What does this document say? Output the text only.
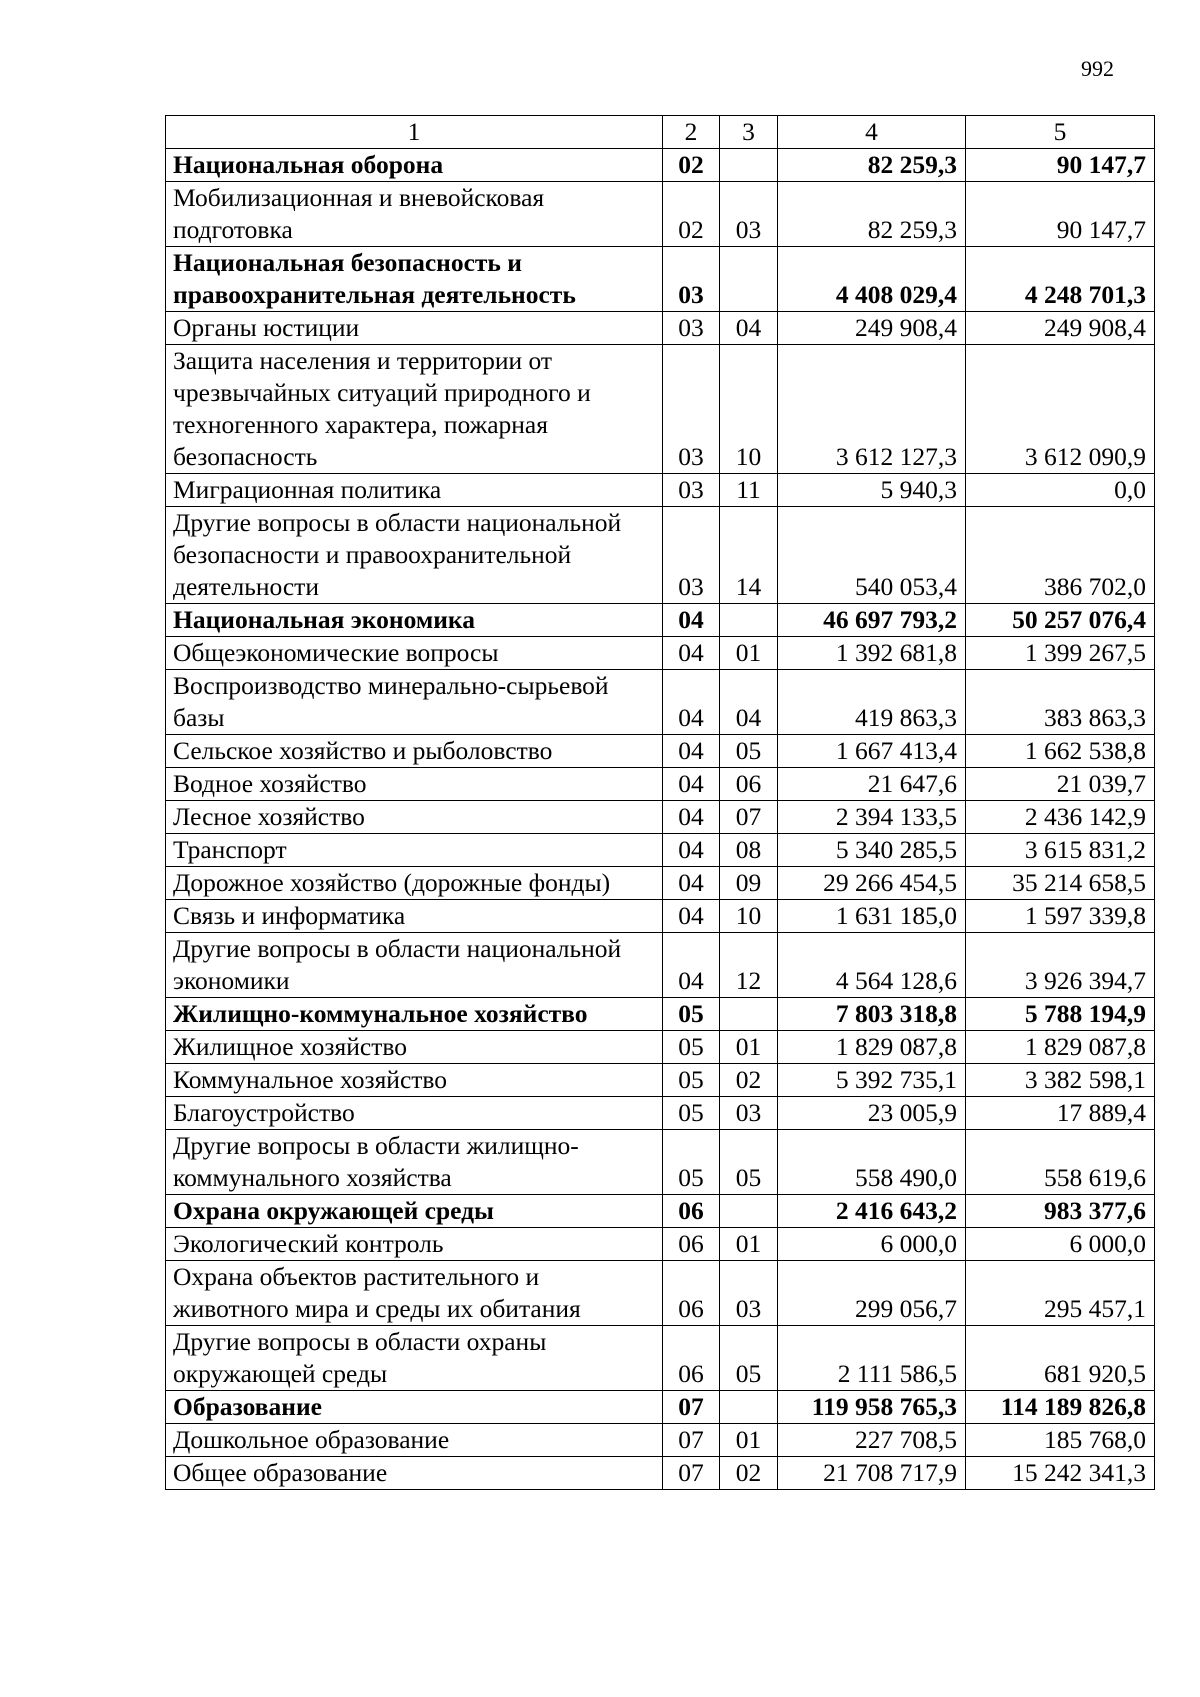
992
1	2	3	4	5
Национальная оборона	02		82 259,3	90 147,7
Мобилизационная и вневойсковая подготовка	02	03	82 259,3	90 147,7
Национальная безопасность и правоохранительная деятельность	03		4 408 029,4	4 248 701,3
Органы юстиции	03	04	249 908,4	249 908,4
Защита населения и территории от чрезвычайных ситуаций природного и техногенного характера, пожарная безопасность	03	10	3 612 127,3	3 612 090,9
Миграционная политика	03	11	5 940,3	0,0
Другие вопросы в области национальной безопасности и правоохранительной деятельности	03	14	540 053,4	386 702,0
Национальная экономика	04		46 697 793,2	50 257 076,4
Общеэкономические вопросы	04	01	1 392 681,8	1 399 267,5
Воспроизводство минерально-сырьевой базы	04	04	419 863,3	383 863,3
Сельское хозяйство и рыболовство	04	05	1 667 413,4	1 662 538,8
Водное хозяйство	04	06	21 647,6	21 039,7
Лесное хозяйство	04	07	2 394 133,5	2 436 142,9
Транспорт	04	08	5 340 285,5	3 615 831,2
Дорожное хозяйство (дорожные фонды)	04	09	29 266 454,5	35 214 658,5
Связь и информатика	04	10	1 631 185,0	1 597 339,8
Другие вопросы в области национальной экономики	04	12	4 564 128,6	3 926 394,7
Жилищно-коммунальное хозяйство	05		7 803 318,8	5 788 194,9
Жилищное хозяйство	05	01	1 829 087,8	1 829 087,8
Коммунальное хозяйство	05	02	5 392 735,1	3 382 598,1
Благоустройство	05	03	23 005,9	17 889,4
Другие вопросы в области жилищно-коммунального хозяйства	05	05	558 490,0	558 619,6
Охрана окружающей среды	06		2 416 643,2	983 377,6
Экологический контроль	06	01	6 000,0	6 000,0
Охрана объектов растительного и животного мира и среды их обитания	06	03	299 056,7	295 457,1
Другие вопросы в области охраны окружающей среды	06	05	2 111 586,5	681 920,5
Образование	07		119 958 765,3	114 189 826,8
Дошкольное образование	07	01	227 708,5	185 768,0
Общее образование	07	02	21 708 717,9	15 242 341,3
